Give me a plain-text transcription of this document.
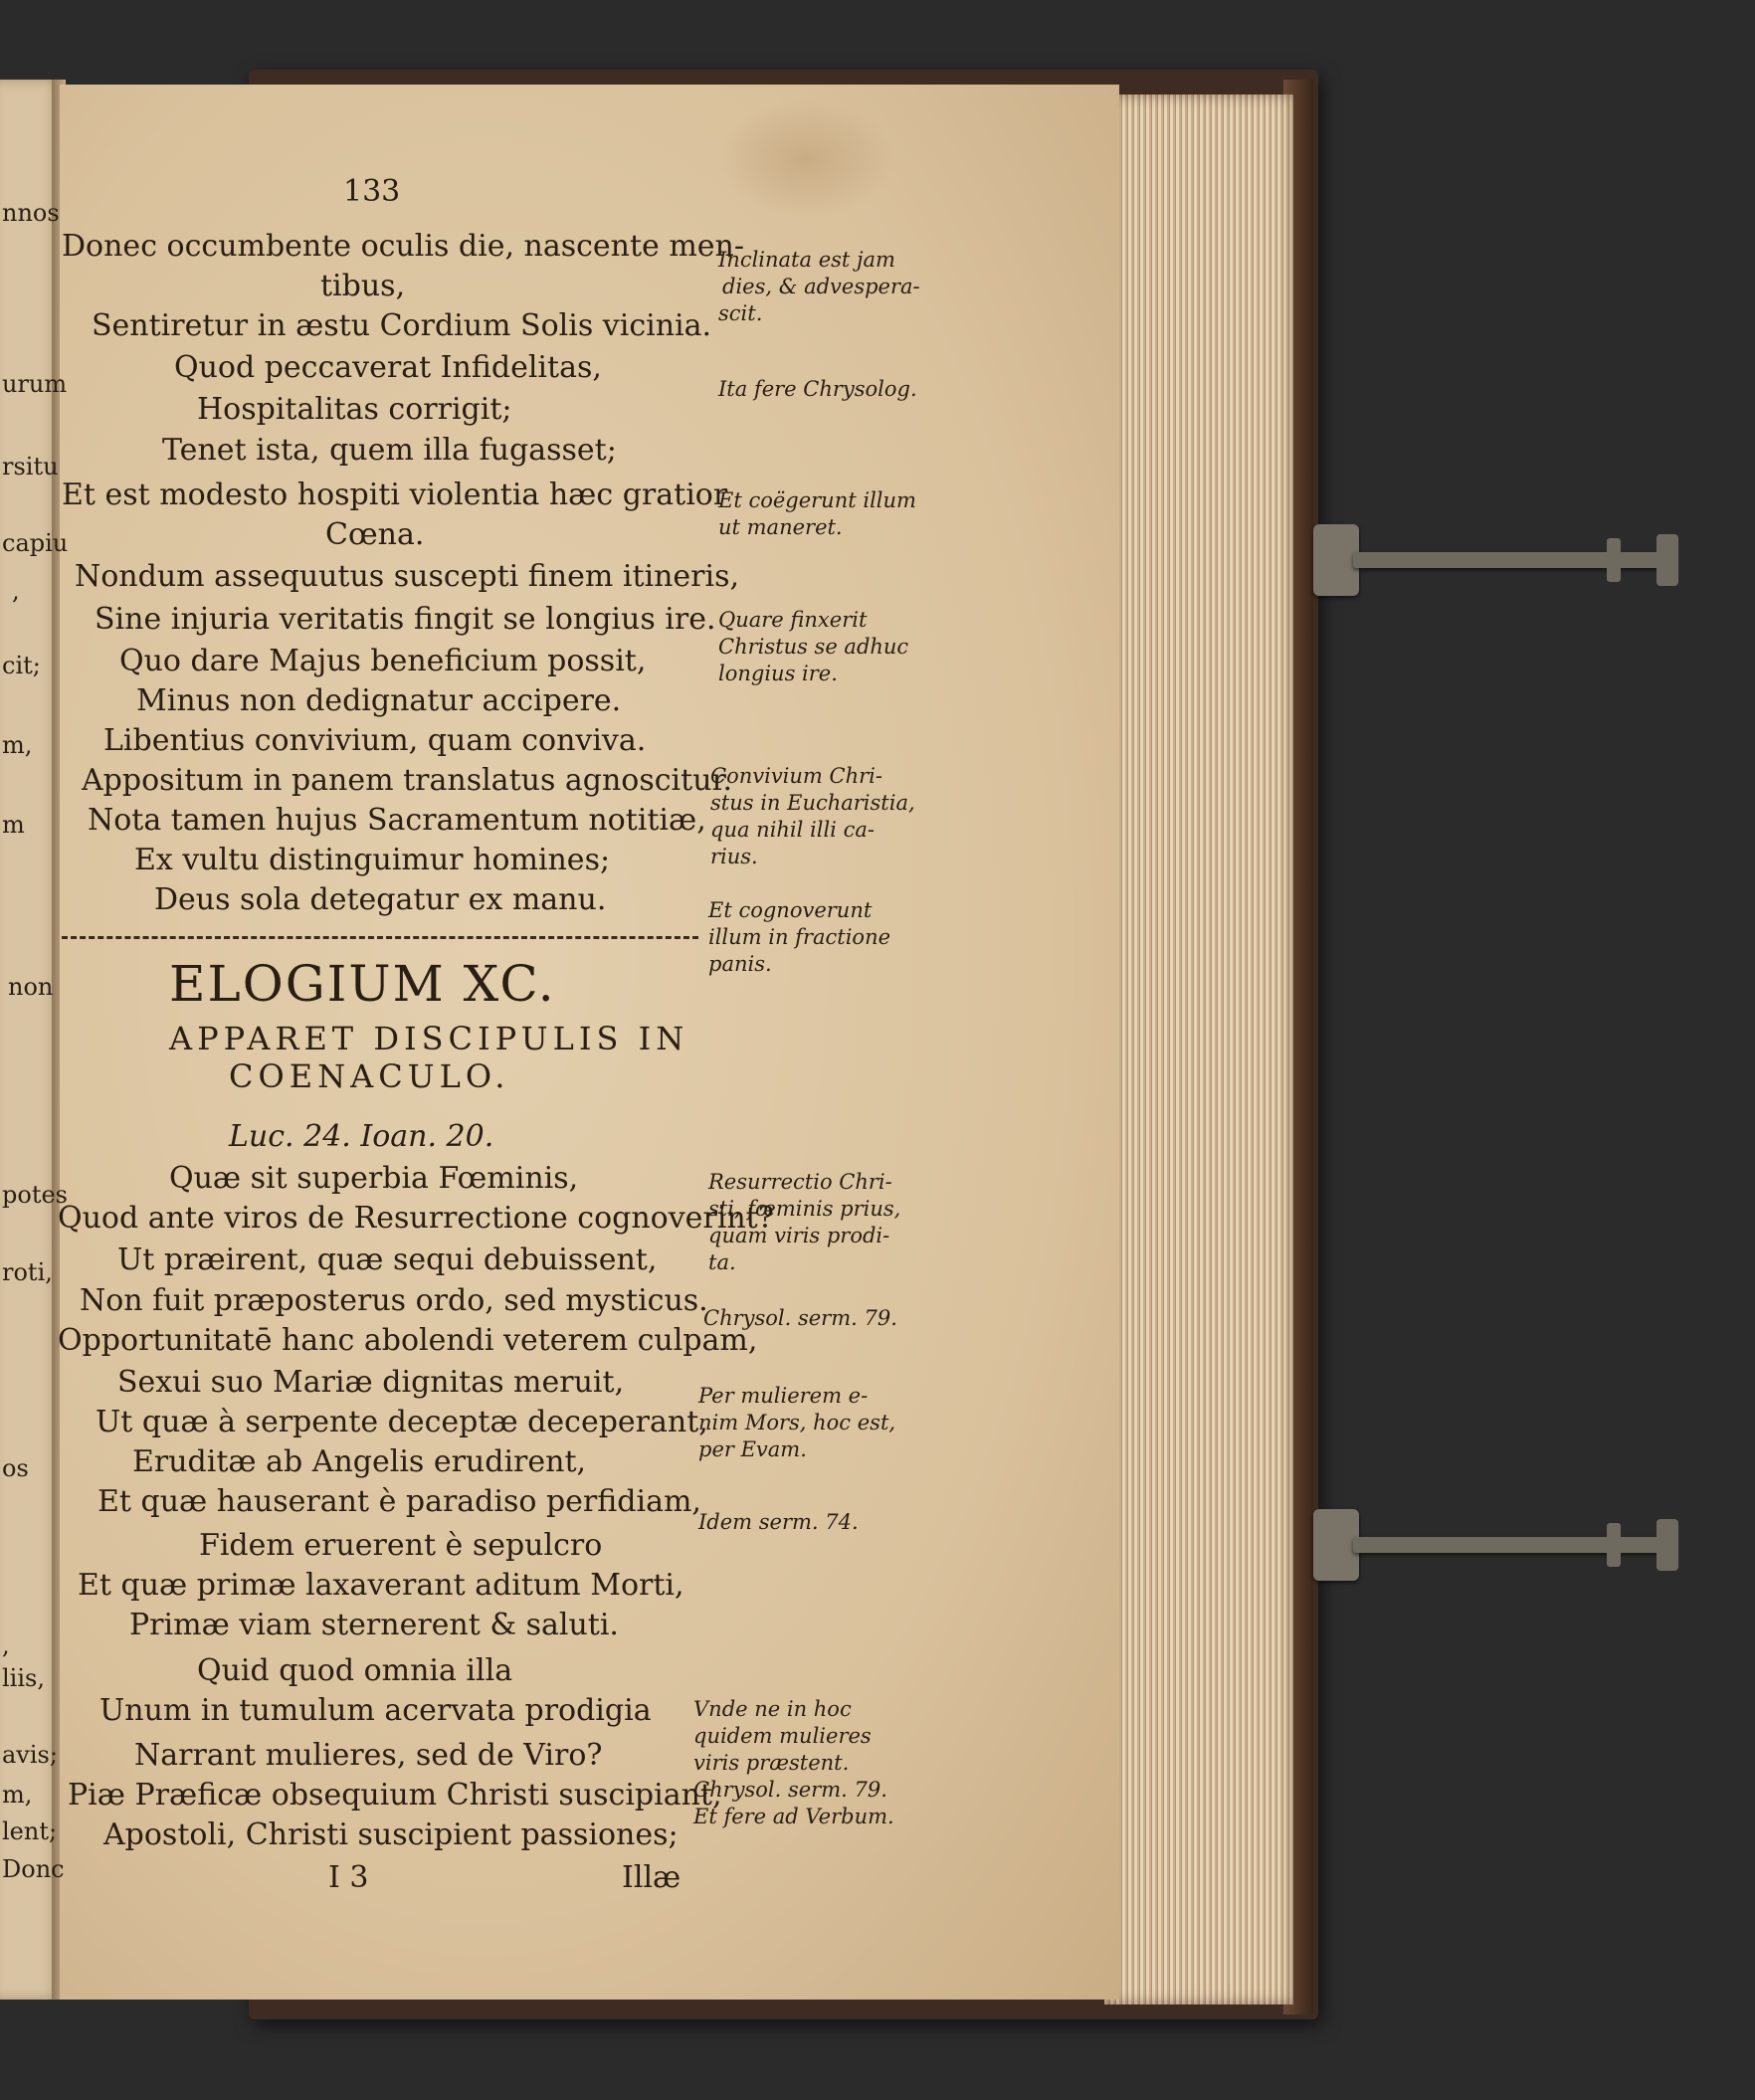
nnos
urum
rsitu
capiu
,
cit;
m,
m
non
potes
roti,
os
,
liis,
avis;
m,
lent;
Donc
133
Donec occumbente oculis die, nascente men-
tibus,
Sentiretur in æstu Cordium Solis vicinia.
Quod peccaverat Infidelitas,
Hospitalitas corrigit;
Tenet ista, quem illa fugasset;
Et est modesto hospiti violentia hæc gratior
Cœna.
Nondum assequutus suscepti finem itineris,
Sine injuria veritatis fingit se longius ire.
Quo dare Majus beneficium possit,
Minus non dedignatur accipere.
Libentius convivium, quam conviva.
Appositum in panem translatus agnoscitur.
Nota tamen hujus Sacramentum notitiæ,
Ex vultu distinguimur homines;
Deus sola detegatur ex manu.
ELOGIUM XC.
APPARET DISCIPULIS IN
COENACULO.
Luc. 24. Ioan. 20.
Quæ sit superbia Fœminis,
Quod ante viros de Resurrectione cognoverint?
Ut præirent, quæ sequi debuissent,
Non fuit præposterus ordo, sed mysticus.
Opportunitatē hanc abolendi veterem culpam,
Sexui suo Mariæ dignitas meruit,
Ut quæ à serpente deceptæ deceperant,
Eruditæ ab Angelis erudirent,
Et quæ hauserant è paradiso perfidiam,
Fidem eruerent è sepulcro
Et quæ primæ laxaverant aditum Morti,
Primæ viam sternerent & saluti.
Quid quod omnia illa
Unum in tumulum acervata prodigia
Narrant mulieres, sed de Viro?
Piæ Præficæ obsequium Christi suscipiant,
Apostoli, Christi suscipient passiones;
I 3	Illæ
Inclinata est jam
dies, & advespera-
scit.
Ita fere Chrysolog.
Et coëgerunt illum
ut maneret.
Quare finxerit
Christus se adhuc
longius ire.
Convivium Chri-
stus in Eucharistia,
qua nihil illi ca-
rius.
Et cognoverunt
illum in fractione
panis.
Resurrectio Chri-
sti, fœminis prius,
quam viris prodi-
ta.
Chrysol. serm. 79.
Per mulierem e-
nim Mors, hoc est,
per Evam.
Idem serm. 74.
Vnde ne in hoc
quidem mulieres
viris præstent.
Chrysol. serm. 79.
Et fere ad Verbum.
